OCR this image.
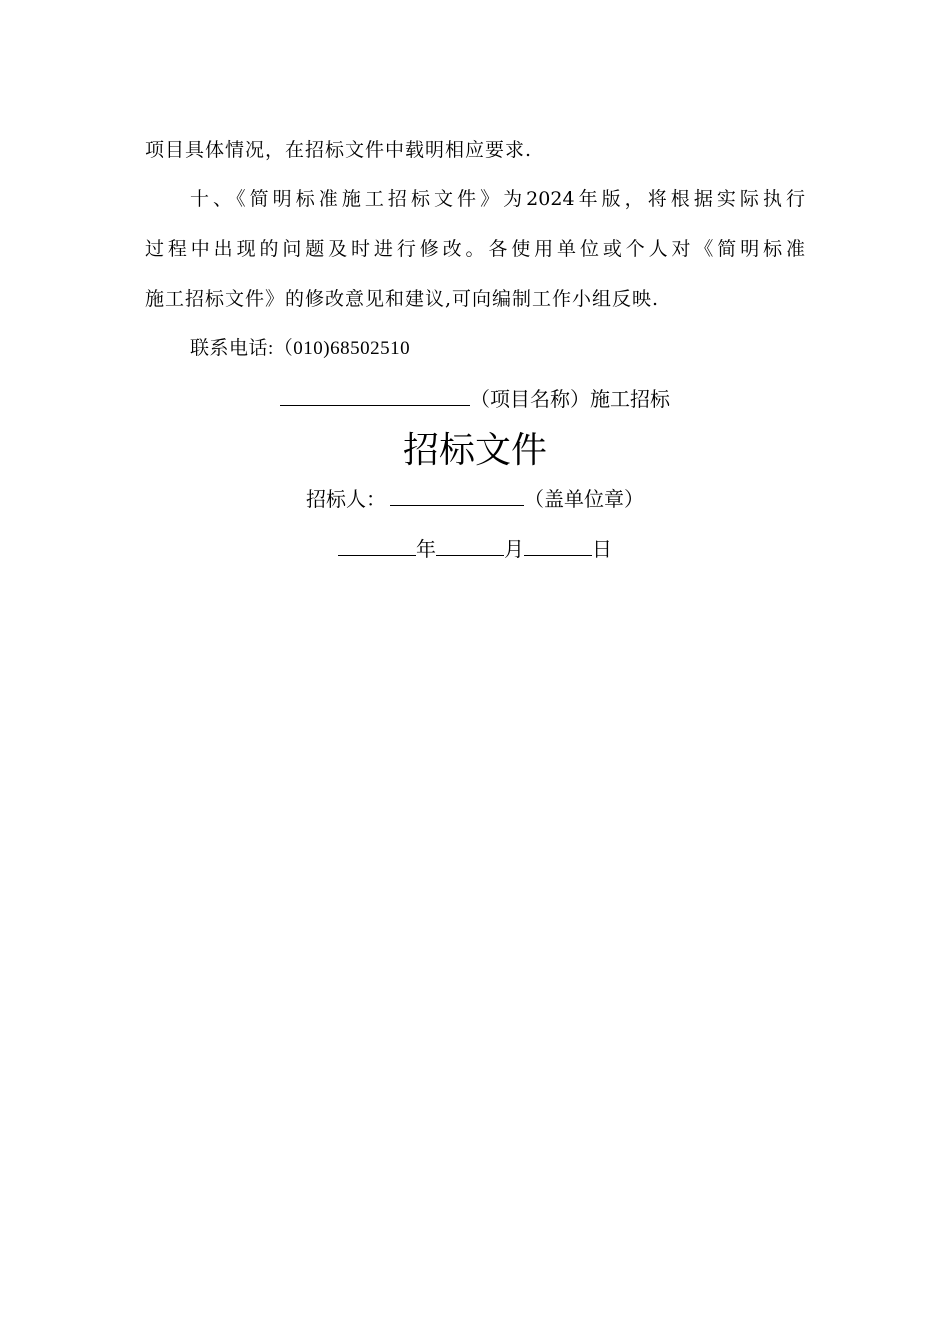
项目具体情况，在招标文件中载明相应要求.
十、《简明标准施工招标文件》为2024年版，将根据实际执行
过程中出现的问题及时进行修改。各使用单位或个人对《简明标准
施工招标文件》的修改意见和建议,可向编制工作小组反映.
联系电话:（010)68502510
（项目名称）施工招标
招标文件
招标人：	（盖单位章）
年	月	日
